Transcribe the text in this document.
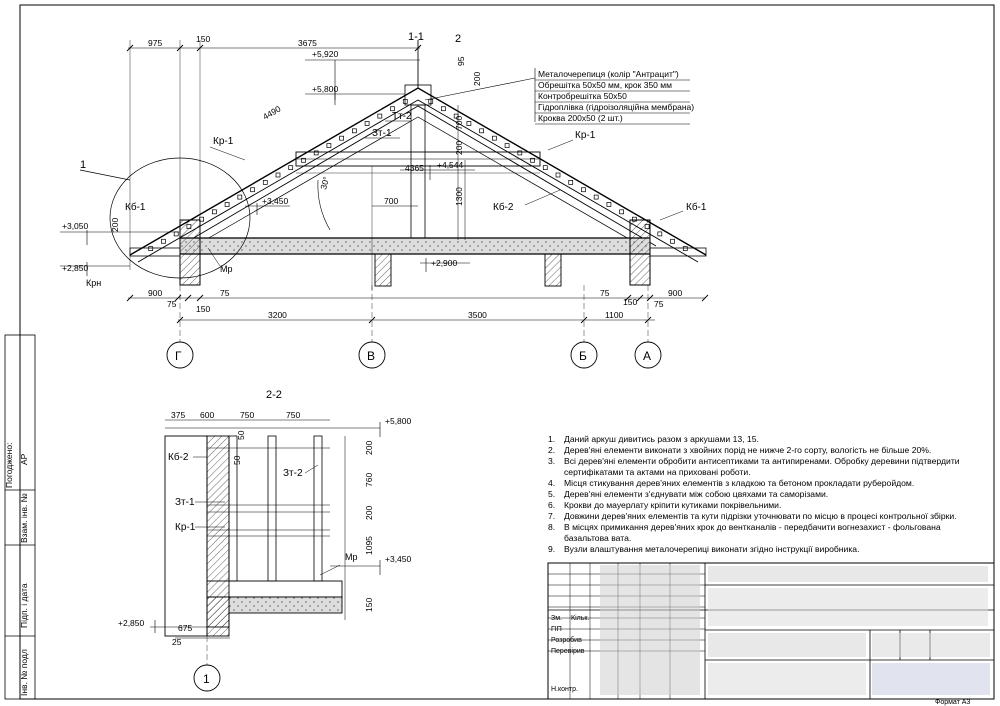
1-1	2
1
Металочерепиця (колір "Антрацит")
Обрешітка 50х50 мм, крок 350 мм
Контробрешітка 50х50
Гідроплівка (гідроізоляційна мембрана)
Кроква 200х50 (2 шт.)
975	150	3675
+5,920
+5,800
+4,544
+3,450
+3,050
+2,900
+2,850
4490
4365
700	1300
700
200
95
200
200
30°
Кр-1
Кр-1
Тт-2
Зт-1
Кб-1	Кб-1
Кб-2
Мр
Крн
900
75
75	75
75
900
150
150
3200	3500	1100
Г	В	Б	А
2-2
375 600	750	750
50
50
200
760
200
1095
150
675
25
+5,800
+3,450
+2,850
Кб-2
Зт-1
Кр-1
Зт-2
Мр
1
Зм. Кільк.
ГІП
Розробив
Перевірив
Н.контр.
Формат А3
Погоджено: АР
Взам. інв. №
Підп. і дата
Інв. № подл
1.	Даний аркуш дивитись разом з аркушами 13, 15.
2.	Дерев'яні елементи виконати з хвойних порід не нижче 2-го сорту, вологість не більше 20%.
3.	Всі дерев'яні елементи обробити антисептиками та антипиренами. Обробку деревини підтвердити сертифікатами та актами на приховані роботи.
4.	Місця стикування дерев'яних елементів з кладкою та бетоном прокладати руберойдом.
5.	Дерев'яні елементи з'єднувати між собою цвяхами та саморізами.
6.	Крокви до мауерлату кріпити кутиками покрівельними.
7.	Довжини дерев'яних елементів та кути підрізки уточнювати по місцю в процесі контрольної збірки.
8.	В місцях примикання дерев'яних крок до вентканалів - передбачити вогнезахист - фольгована базальтова вата.
9.	Вузли влаштування металочерепиці виконати згідно інструкції виробника.
